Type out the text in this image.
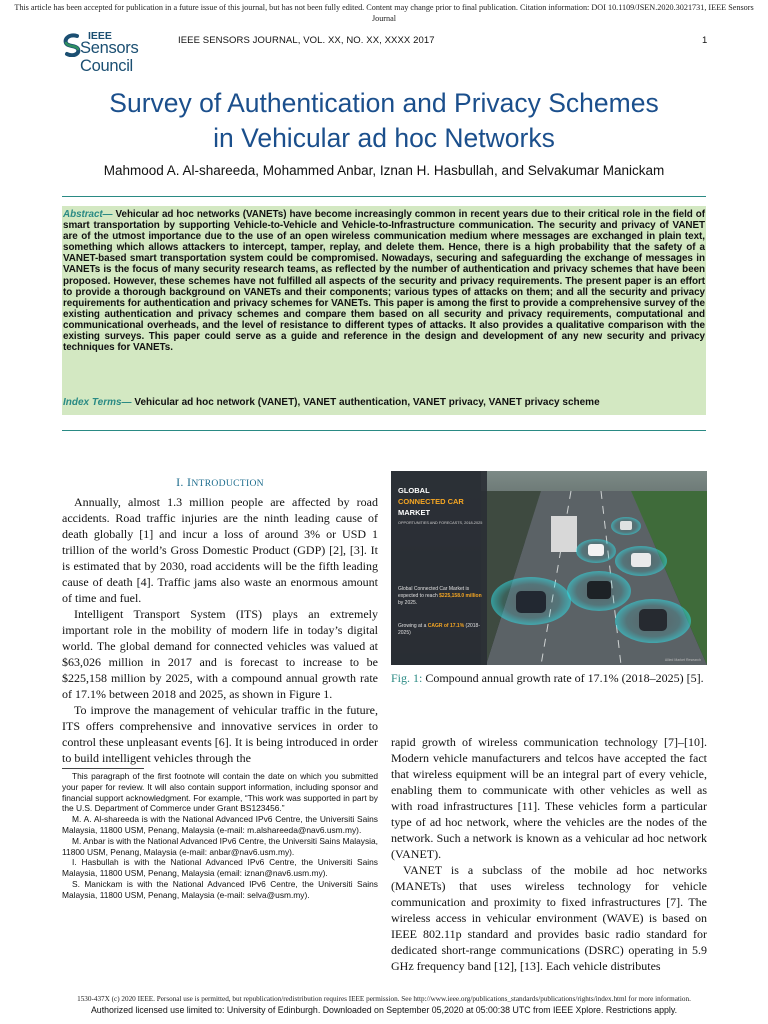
This article has been accepted for publication in a future issue of this journal, but has not been fully edited. Content may change prior to final publication. Citation information: DOI 10.1109/JSEN.2020.3021731, IEEE Sensors Journal
IEEE
Sensors Council
IEEE SENSORS JOURNAL, VOL. XX, NO. XX, XXXX 2017	1
Survey of Authentication and Privacy Schemes
in Vehicular ad hoc Networks
Mahmood A. Al-shareeda, Mohammed Anbar, Iznan H. Hasbullah, and Selvakumar Manickam
Abstract— Vehicular ad hoc networks (VANETs) have become increasingly common in recent years due to their critical role in the field of smart transportation by supporting Vehicle-to-Vehicle and Vehicle-to-Infrastructure communication. The security and privacy of VANET are of the utmost importance due to the use of an open wireless communication medium where messages are exchanged in plain text, something which allows attackers to intercept, tamper, replay, and delete them. Hence, there is a high probability that the safety of a VANET-based smart transportation system could be compromised. Nowadays, securing and safeguarding the exchange of messages in VANETs is the focus of many security research teams, as reflected by the number of authentication and privacy schemes that have been proposed. However, these schemes have not fulfilled all aspects of the security and privacy requirements. The present paper is an effort to provide a thorough background on VANETs and their components; various types of attacks on them; and all the security and privacy requirements for authentication and privacy schemes for VANETs. This paper is among the first to provide a comprehensive survey of the existing authentication and privacy schemes and compare them based on all security and privacy requirements, computational and communicational overheads, and the level of resistance to different types of attacks. It also provides a qualitative comparison with the existing surveys. This paper could serve as a guide and reference in the design and development of any new security and privacy techniques for VANETs.
Index Terms— Vehicular ad hoc network (VANET), VANET authentication, VANET privacy, VANET privacy scheme
I. INTRODUCTION

Annually, almost 1.3 million people are affected by road accidents. Road traffic injuries are the ninth leading cause of death globally [1] and incur a loss of around 3% or USD 1 trillion of the world’s Gross Domestic Product (GDP) [2], [3]. It is estimated that by 2030, road accidents will be the fifth leading cause of death [4]. Traffic jams also waste an enormous amount of time and fuel.

Intelligent Transport System (ITS) plays an extremely important role in the mobility of modern life in today’s digital world. The global demand for connected vehicles was valued at $63,026 million in 2017 and is forecast to increase to be $225,158 million by 2025, with a compound annual growth rate of 17.1% between 2018 and 2025, as shown in Figure 1.

To improve the management of vehicular traffic in the future, ITS offers comprehensive and innovative services in order to control these unpleasant events [6]. It is being introduced in order to build intelligent vehicles through the

This paragraph of the first footnote will contain the date on which you submitted your paper for review. It will also contain support information, including sponsor and financial support acknowledgment. For example, “This work was supported in part by the U.S. Department of Commerce under Grant BS123456.”

M. A. Al-shareeda is with the National Advanced IPv6 Centre, the Universiti Sains Malaysia, 11800 USM, Penang, Malaysia (e-mail: m.alshareeda@nav6.usm.my).

M. Anbar is with the National Advanced IPv6 Centre, the Universiti Sains Malaysia, 11800 USM, Penang, Malaysia (e-mail: anbar@nav6.usm.my).

I. Hasbullah is with the National Advanced IPv6 Centre, the Universiti Sains Malaysia, 11800 USM, Penang, Malaysia (email: iznan@nav6.usm.my).

S. Manickam is with the National Advanced IPv6 Centre, the Universiti Sains Malaysia, 11800 USM, Penang, Malaysia (e-mail: selva@usm.my).

GLOBAL
CONNECTED CAR
MARKET
OPPORTUNITIES AND FORECASTS, 2018-2025
Global Connected Car Market is expected to reach $225,158.0 million by 2025.
Growing at a CAGR of 17.1% (2018-2025)
Allied Market Research
Fig. 1: Compound annual growth rate of 17.1% (2018–2025) [5].

rapid growth of wireless communication technology [7]–[10]. Modern vehicle manufacturers and telcos have accepted the fact that wireless equipment will be an integral part of every vehicle, enabling them to communicate with other vehicles as well as with road infrastructures [11]. These vehicles form a particular type of ad hoc network, where the vehicles are the nodes of the network. Such a network is known as a vehicular ad hoc network (VANET).

VANET is a subclass of the mobile ad hoc networks (MANETs) that uses wireless technology for vehicle communication and proximity to fixed infrastructures [7]. The wireless access in vehicular environment (WAVE) is based on IEEE 802.11p standard and provides basic radio standard for dedicated short-range communications (DSRC) operating in 5.9 GHz frequency band [12], [13]. Each vehicle distributes

1530-437X (c) 2020 IEEE. Personal use is permitted, but republication/redistribution requires IEEE permission. See http://www.ieee.org/publications_standards/publications/rights/index.html for more information.
Authorized licensed use limited to: University of Edinburgh. Downloaded on September 05,2020 at 05:00:38 UTC from IEEE Xplore. Restrictions apply.
